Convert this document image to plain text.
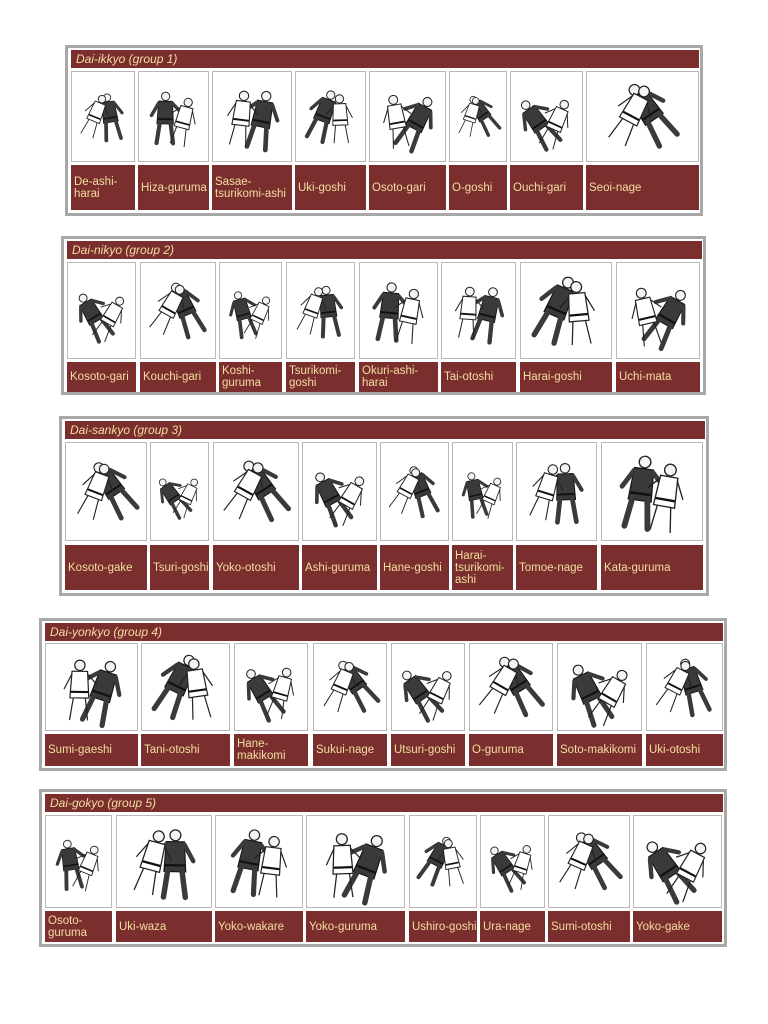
Dai-ikkyo (group 1)
De-ashi-harai	Hiza-guruma Sasae-tsurikomi-ashi	Uki-goshi	Osoto-gari	O-goshi	Ouchi-gari	Seoi-nage
Dai-nikyo (group 2)
Kosoto-gari	Kouchi-gari	Koshi-guruma
Tsurikomi-goshi
Okuri-ashi-harai	Tai-otoshi	Harai-goshi	Uchi-mata
Dai-sankyo (group 3)
Kosoto-gake	Tsuri-goshi Yoko-otoshi	Ashi-guruma	Hane-goshi
Harai-tsurikomi-ashi
Tomoe-nage	Kata-guruma
Dai-yonkyo (group 4)
Sumi-gaeshi	Tani-otoshi	Hane-makikomi	Sukui-nage	Utsuri-goshi	O-guruma	Soto-makikomi	Uki-otoshi
Dai-gokyo (group 5)
Osoto-guruma	Uki-waza	Yoko-wakare	Yoko-guruma	Ushiro-goshi Ura-nage	Sumi-otoshi	Yoko-gake
